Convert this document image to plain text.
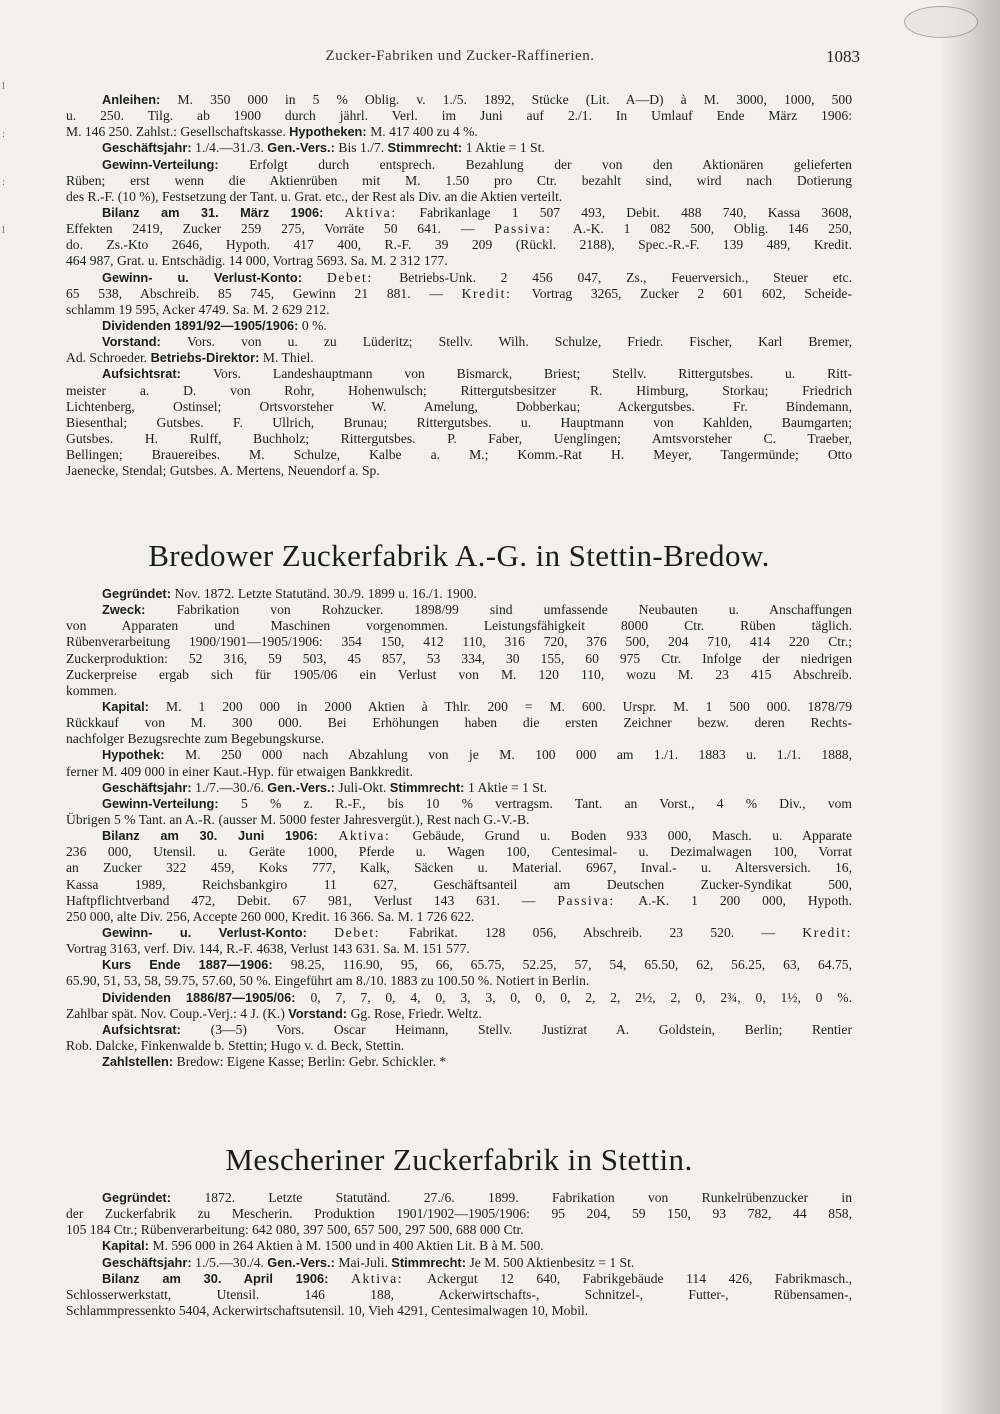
l
:
:
l
Zucker-Fabriken und Zucker-Raffinerien.	1083
Anleihen: M. 350 000 in 5 % Oblig. v. 1./5. 1892, Stücke (Lit. A—D) à M. 3000, 1000, 500
u. 250. Tilg. ab 1900 durch jährl. Verl. im Juni auf 2./1. In Umlauf Ende März 1906:
M. 146 250. Zahlst.: Gesellschaftskasse. Hypotheken: M. 417 400 zu 4 %.
Geschäftsjahr: 1./4.—31./3. Gen.-Vers.: Bis 1./7. Stimmrecht: 1 Aktie = 1 St.
Gewinn-Verteilung: Erfolgt durch entsprech. Bezahlung der von den Aktionären gelieferten
Rüben; erst wenn die Aktienrüben mit M. 1.50 pro Ctr. bezahlt sind, wird nach Dotierung
des R.-F. (10 %), Festsetzung der Tant. u. Grat. etc., der Rest als Div. an die Aktien verteilt.
Bilanz am 31. März 1906: Aktiva: Fabrikanlage 1 507 493, Debit. 488 740, Kassa 3608,
Effekten 2419, Zucker 259 275, Vorräte 50 641. — Passiva: A.-K. 1 082 500, Oblig. 146 250,
do. Zs.-Kto 2646, Hypoth. 417 400, R.-F. 39 209 (Rückl. 2188), Spec.-R.-F. 139 489, Kredit.
464 987, Grat. u. Entschädig. 14 000, Vortrag 5693. Sa. M. 2 312 177.
Gewinn- u. Verlust-Konto: Debet: Betriebs-Unk. 2 456 047, Zs., Feuerversich., Steuer etc.
65 538, Abschreib. 85 745, Gewinn 21 881. — Kredit: Vortrag 3265, Zucker 2 601 602, Scheide-
schlamm 19 595, Acker 4749. Sa. M. 2 629 212.
Dividenden 1891/92—1905/1906: 0 %.
Vorstand: Vors. von u. zu Lüderitz; Stellv. Wilh. Schulze, Friedr. Fischer, Karl Bremer,
Ad. Schroeder. Betriebs-Direktor: M. Thiel.
Aufsichtsrat: Vors. Landeshauptmann von Bismarck, Briest; Stellv. Rittergutsbes. u. Ritt-
meister a. D. von Rohr, Hohenwulsch; Rittergutsbesitzer R. Himburg, Storkau; Friedrich
Lichtenberg, Ostinsel; Ortsvorsteher W. Amelung, Dobberkau; Ackergutsbes. Fr. Bindemann,
Biesenthal; Gutsbes. F. Ullrich, Brunau; Rittergutsbes. u. Hauptmann von Kahlden, Baumgarten;
Gutsbes. H. Rulff, Buchholz; Rittergutsbes. P. Faber, Uenglingen; Amtsvorsteher C. Traeber,
Bellingen; Brauereibes. M. Schulze, Kalbe a. M.; Komm.-Rat H. Meyer, Tangermünde; Otto
Jaenecke, Stendal; Gutsbes. A. Mertens, Neuendorf a. Sp.
Bredower Zuckerfabrik A.-G. in Stettin-Bredow.
Gegründet: Nov. 1872. Letzte Statutänd. 30./9. 1899 u. 16./1. 1900.
Zweck: Fabrikation von Rohzucker. 1898/99 sind umfassende Neubauten u. Anschaffungen
von Apparaten und Maschinen vorgenommen. Leistungsfähigkeit 8000 Ctr. Rüben täglich.
Rübenverarbeitung 1900/1901—1905/1906: 354 150, 412 110, 316 720, 376 500, 204 710, 414 220 Ctr.;
Zuckerproduktion: 52 316, 59 503, 45 857, 53 334, 30 155, 60 975 Ctr. Infolge der niedrigen
Zuckerpreise ergab sich für 1905/06 ein Verlust von M. 120 110, wozu M. 23 415 Abschreib.
kommen.
Kapital: M. 1 200 000 in 2000 Aktien à Thlr. 200 = M. 600. Urspr. M. 1 500 000. 1878/79
Rückkauf von M. 300 000. Bei Erhöhungen haben die ersten Zeichner bezw. deren Rechts-
nachfolger Bezugsrechte zum Begebungskurse.
Hypothek: M. 250 000 nach Abzahlung von je M. 100 000 am 1./1. 1883 u. 1./1. 1888,
ferner M. 409 000 in einer Kaut.-Hyp. für etwaigen Bankkredit.
Geschäftsjahr: 1./7.—30./6. Gen.-Vers.: Juli-Okt. Stimmrecht: 1 Aktie = 1 St.
Gewinn-Verteilung: 5 % z. R.-F., bis 10 % vertragsm. Tant. an Vorst., 4 % Div., vom
Übrigen 5 % Tant. an A.-R. (ausser M. 5000 fester Jahresvergüt.), Rest nach G.-V.-B.
Bilanz am 30. Juni 1906: Aktiva: Gebäude, Grund u. Boden 933 000, Masch. u. Apparate
236 000, Utensil. u. Geräte 1000, Pferde u. Wagen 100, Centesimal- u. Dezimalwagen 100, Vorrat
an Zucker 322 459, Koks 777, Kalk, Säcken u. Material. 6967, Inval.- u. Altersversich. 16,
Kassa 1989, Reichsbankgiro 11 627, Geschäftsanteil am Deutschen Zucker-Syndikat 500,
Haftpflichtverband 472, Debit. 67 981, Verlust 143 631. — Passiva: A.-K. 1 200 000, Hypoth.
250 000, alte Div. 256, Accepte 260 000, Kredit. 16 366. Sa. M. 1 726 622.
Gewinn- u. Verlust-Konto: Debet: Fabrikat. 128 056, Abschreib. 23 520. — Kredit:
Vortrag 3163, verf. Div. 144, R.-F. 4638, Verlust 143 631. Sa. M. 151 577.
Kurs Ende 1887—1906: 98.25, 116.90, 95, 66, 65.75, 52.25, 57, 54, 65.50, 62, 56.25, 63, 64.75,
65.90, 51, 53, 58, 59.75, 57.60, 50 %. Eingeführt am 8./10. 1883 zu 100.50 %. Notiert in Berlin.
Dividenden 1886/87—1905/06: 0, 7, 7, 0, 4, 0, 3, 3, 0, 0, 0, 2, 2, 2½, 2, 0, 2¾, 0, 1½, 0 %.
Zahlbar spät. Nov. Coup.-Verj.: 4 J. (K.) Vorstand: Gg. Rose, Friedr. Weltz.
Aufsichtsrat: (3—5) Vors. Oscar Heimann, Stellv. Justizrat A. Goldstein, Berlin; Rentier
Rob. Dalcke, Finkenwalde b. Stettin; Hugo v. d. Beck, Stettin.
Zahlstellen: Bredow: Eigene Kasse; Berlin: Gebr. Schickler. *
Mescheriner Zuckerfabrik in Stettin.
Gegründet: 1872. Letzte Statutänd. 27./6. 1899. Fabrikation von Runkelrübenzucker in
der Zuckerfabrik zu Mescherin. Produktion 1901/1902—1905/1906: 95 204, 59 150, 93 782, 44 858,
105 184 Ctr.; Rübenverarbeitung: 642 080, 397 500, 657 500, 297 500, 688 000 Ctr.
Kapital: M. 596 000 in 264 Aktien à M. 1500 und in 400 Aktien Lit. B à M. 500.
Geschäftsjahr: 1./5.—30./4. Gen.-Vers.: Mai-Juli. Stimmrecht: Je M. 500 Aktienbesitz = 1 St.
Bilanz am 30. April 1906: Aktiva: Ackergut 12 640, Fabrikgebäude 114 426, Fabrikmasch.,
Schlosserwerkstatt, Utensil. 146 188, Ackerwirtschafts-, Schnitzel-, Futter-, Rübensamen-,
Schlammpressenkto 5404, Ackerwirtschaftsutensil. 10, Vieh 4291, Centesimalwagen 10, Mobil.
